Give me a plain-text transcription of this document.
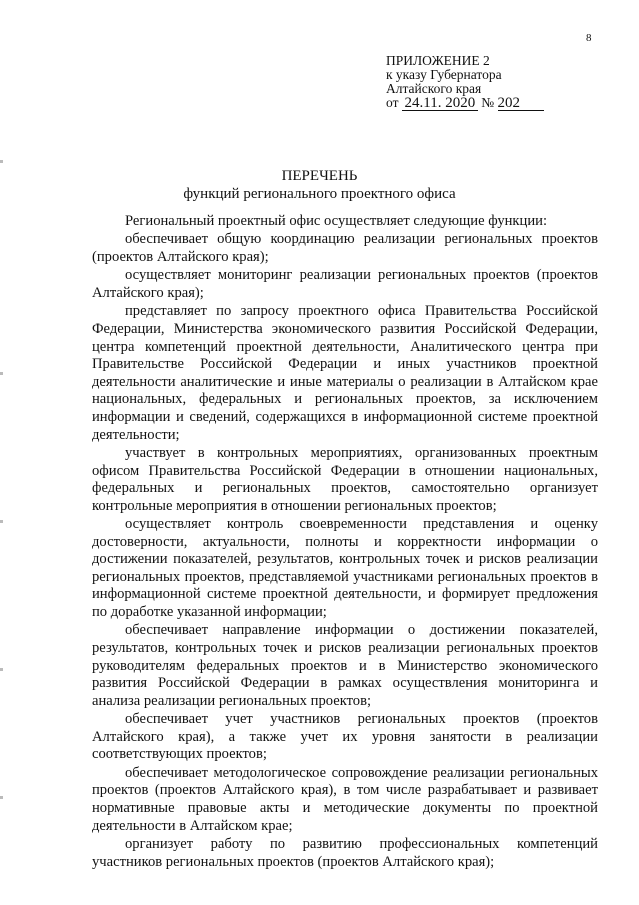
8
ПРИЛОЖЕНИЕ 2
к указу Губернатора
Алтайского края
от 24.11. 2020 № 202
ПЕРЕЧЕНЬ
функций регионального проектного офиса

Региональный проектный офис осуществляет следующие функции:

обеспечивает общую координацию реализации региональных проектов (проектов Алтайского края);

осуществляет мониторинг реализации региональных проектов (проектов Алтайского края);

представляет по запросу проектного офиса Правительства Российской Федерации, Министерства экономического развития Российской Федерации, центра компетенций проектной деятельности, Аналитического центра при Правительстве Российской Федерации и иных участников проектной деятельности аналитические и иные материалы о реализации в Алтайском крае национальных, федеральных и региональных проектов, за исключением информации и сведений, содержащихся в информационной системе проектной деятельности;

участвует в контрольных мероприятиях, организованных проектным офисом Правительства Российской Федерации в отношении национальных, федеральных и региональных проектов, самостоятельно организует контрольные мероприятия в отношении региональных проектов;

осуществляет контроль своевременности представления и оценку достоверности, актуальности, полноты и корректности информации о достижении показателей, результатов, контрольных точек и рисков реализации региональных проектов, представляемой участниками региональных проектов в информационной системе проектной деятельности, и формирует предложения по доработке указанной информации;

обеспечивает направление информации о достижении показателей, результатов, контрольных точек и рисков реализации региональных проектов руководителям федеральных проектов и в Министерство экономического развития Российской Федерации в рамках осуществления мониторинга и анализа реализации региональных проектов;

обеспечивает учет участников региональных проектов (проектов Алтайского края), а также учет их уровня занятости в реализации соответствующих проектов;

обеспечивает методологическое сопровождение реализации региональных проектов (проектов Алтайского края), в том числе разрабатывает и развивает нормативные правовые акты и методические документы по проектной деятельности в Алтайском крае;

организует работу по развитию профессиональных компетенций участников региональных проектов (проектов Алтайского края);
